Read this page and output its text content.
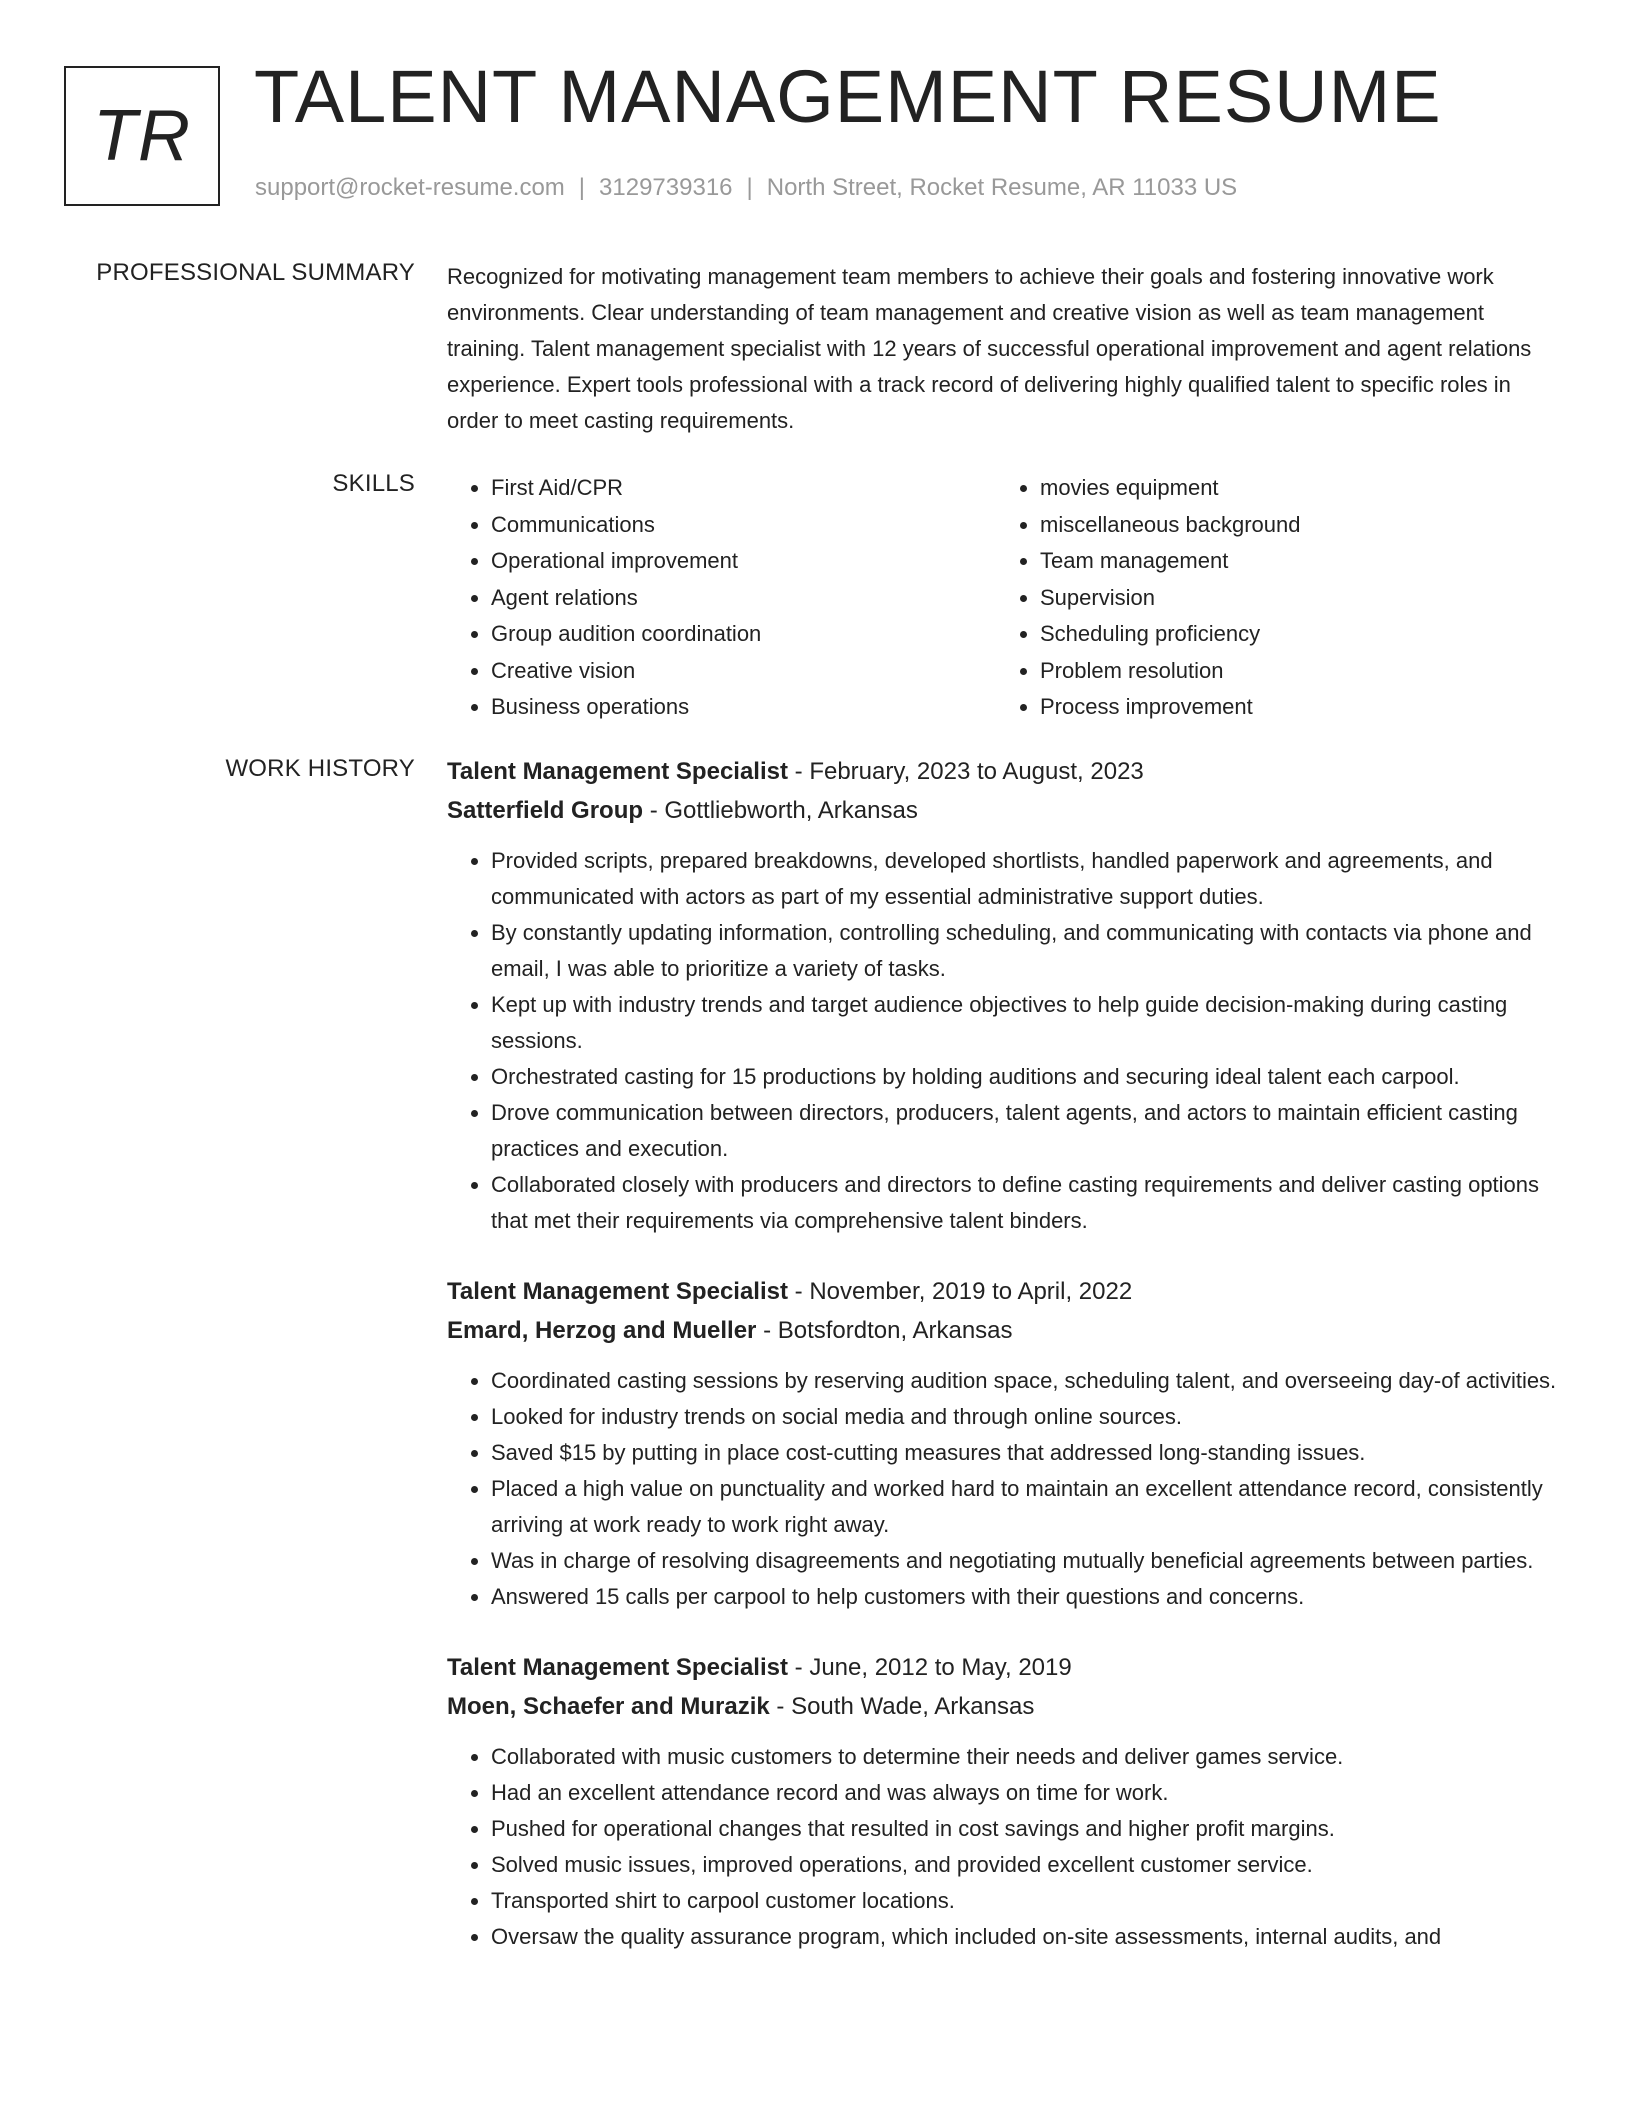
TR TALENT MANAGEMENT RESUME
support@rocket-resume.com | 3129739316 | North Street, Rocket Resume, AR 11033 US
PROFESSIONAL SUMMARY Recognized for motivating management team members to achieve their goals and fostering innovative work environments. Clear understanding of team management and creative vision as well as team management training. Talent management specialist with 12 years of successful operational improvement and agent relations experience. Expert tools professional with a track record of delivering highly qualified talent to specific roles in order to meet casting requirements.

SKILLS
•	First Aid/CPR
• Communications
• Operational improvement
• Agent relations
• Group audition coordination
• Creative vision
• Business operations
• movies equipment
• miscellaneous background
• Team management
• Supervision
• Scheduling proficiency
• Problem resolution
• Process improvement
WORK HISTORY Talent Management Specialist - February, 2023 to August, 2023
Satterfield Group - Gottliebworth, Arkansas
• Provided scripts, prepared breakdowns, developed shortlists, handled paperwork and agreements, and communicated with actors as part of my essential administrative support duties.
• By constantly updating information, controlling scheduling, and communicating with contacts via phone and email, I was able to prioritize a variety of tasks.
• Kept up with industry trends and target audience objectives to help guide decision-making during casting sessions.
• Orchestrated casting for 15 productions by holding auditions and securing ideal talent each carpool.
• Drove communication between directors, producers, talent agents, and actors to maintain efficient casting practices and execution.
• Collaborated closely with producers and directors to define casting requirements and deliver casting options that met their requirements via comprehensive talent binders.
Talent Management Specialist - November, 2019 to April, 2022
Emard, Herzog and Mueller - Botsfordton, Arkansas
• Coordinated casting sessions by reserving audition space, scheduling talent, and overseeing day-of activities.
• Looked for industry trends on social media and through online sources.
• Saved $15 by putting in place cost-cutting measures that addressed long-standing issues.
• Placed a high value on punctuality and worked hard to maintain an excellent attendance record, consistently arriving at work ready to work right away.
• Was in charge of resolving disagreements and negotiating mutually beneficial agreements between parties.
• Answered 15 calls per carpool to help customers with their questions and concerns.
Talent Management Specialist - June, 2012 to May, 2019
Moen, Schaefer and Murazik - South Wade, Arkansas
• Collaborated with music customers to determine their needs and deliver games service.
• Had an excellent attendance record and was always on time for work.
• Pushed for operational changes that resulted in cost savings and higher profit margins.
• Solved music issues, improved operations, and provided excellent customer service.
• Transported shirt to carpool customer locations.
• Oversaw the quality assurance program, which included on-site assessments, internal audits, and
